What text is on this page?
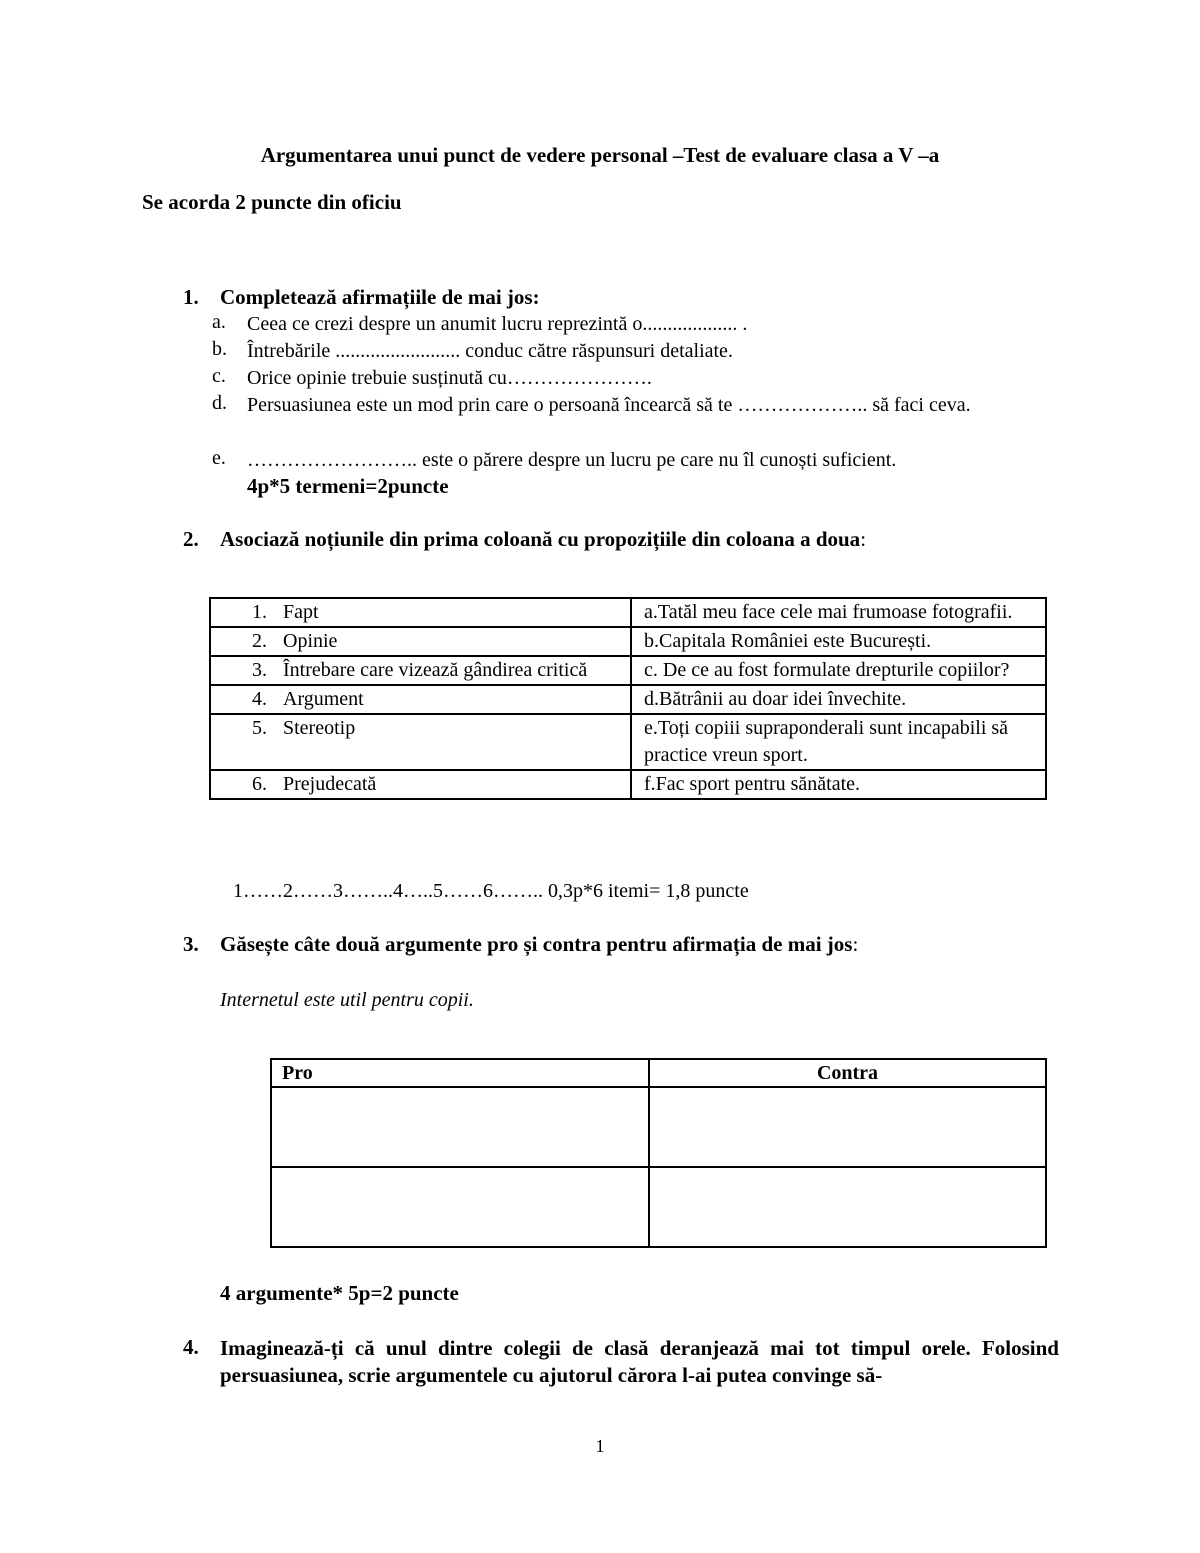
Argumentarea unui punct de vedere personal –Test de evaluare clasa a V –a
Se acorda 2 puncte din oficiu
1. Completează afirmațiile de mai jos:
a. Ceea ce crezi despre un anumit lucru reprezintă o................... .
b. Întrebările ......................... conduc către răspunsuri detaliate.
c. Orice opinie trebuie susținută cu………………….
d. Persuasiunea este un mod prin care o persoană încearcă să te ……………….. să faci ceva.
e. …………………….. este o părere despre un lucru pe care nu îl cunoști suficient.
4p*5 termeni=2puncte
2. Asociază noțiunile din prima coloană cu propozițiile din coloana a doua:
1. Fapt	a.Tatăl meu face cele mai frumoase fotografii.
2. Opinie	b.Capitala României este București.
3. Întrebare care vizează gândirea critică	c. De ce au fost formulate drepturile copiilor?
4. Argument	d.Bătrânii au doar idei învechite.
5. Stereotip	e.Toți copiii supraponderali sunt incapabili să practice vreun sport.
6. Prejudecată	f.Fac sport pentru sănătate.
1……2……3……..4…..5……6…….. 0,3p*6 itemi= 1,8 puncte
3. Găsește câte două argumente pro și contra pentru afirmația de mai jos:
Internetul este util pentru copii.
Pro	Contra

4 argumente* 5p=2 puncte
4. Imaginează-ți că unul dintre colegii de clasă deranjează mai tot timpul orele. Folosind persuasiunea, scrie argumentele cu ajutorul cărora l-ai putea convinge să-
1
